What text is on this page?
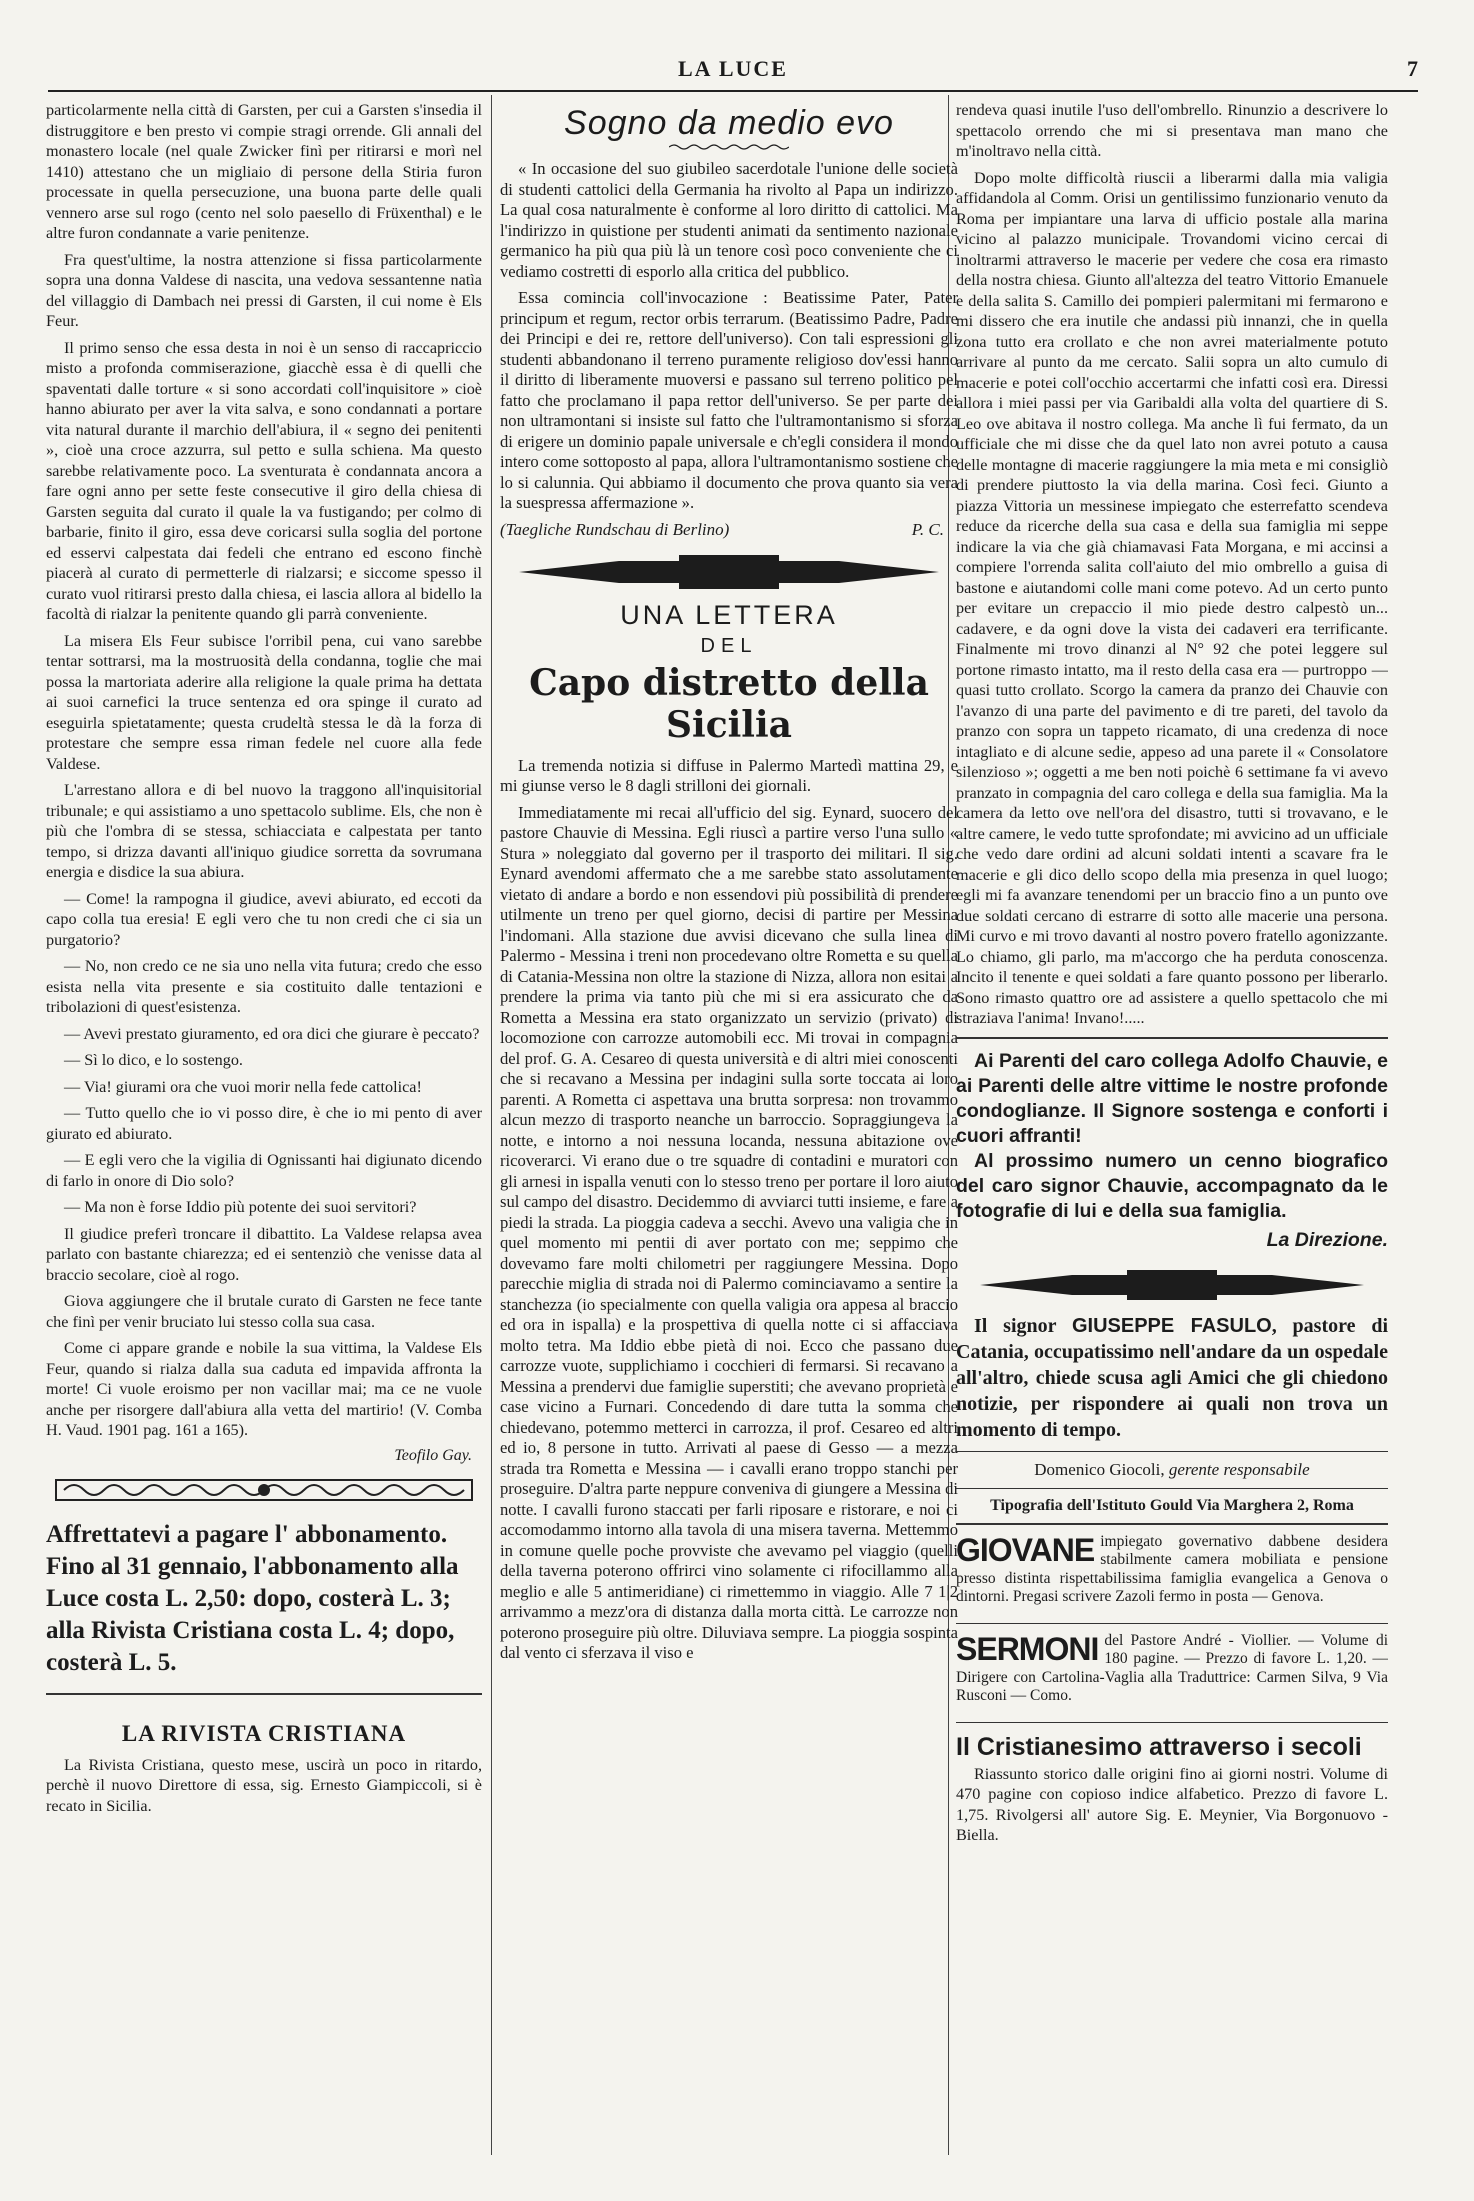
LA LUCE	7

particolarmente nella città di Garsten, per cui a Garsten s'insedia il distruggitore e ben presto vi compie stragi orrende. Gli annali del monastero locale (nel quale Zwicker finì per ritirarsi e morì nel 1410) attestano che un migliaio di persone della Stiria furon processate in quella persecuzione, una buona parte delle quali vennero arse sul rogo (cento nel solo paesello di Früxenthal) e le altre furon condannate a varie penitenze.

Fra quest'ultime, la nostra attenzione si fissa particolarmente sopra una donna Valdese di nascita, una vedova sessantenne natìa del villaggio di Dambach nei pressi di Garsten, il cui nome è Els Feur.

Il primo senso che essa desta in noi è un senso di raccapriccio misto a profonda commiserazione, giacchè essa è di quelli che spaventati dalle torture « si sono accordati coll'inquisitore » cioè hanno abiurato per aver la vita salva, e sono condannati a portare vita natural durante il marchio dell'abiura, il « segno dei penitenti », cioè una croce azzurra, sul petto e sulla schiena. Ma questo sarebbe relativamente poco. La sventurata è condannata ancora a fare ogni anno per sette feste consecutive il giro della chiesa di Garsten seguita dal curato il quale la va fustigando; per colmo di barbarie, finito il giro, essa deve coricarsi sulla soglia del portone ed esservi calpestata dai fedeli che entrano ed escono finchè piacerà al curato di permetterle di rialzarsi; e siccome spesso il curato vuol ritirarsi presto dalla chiesa, ei lascia allora al bidello la facoltà di rialzar la penitente quando gli parrà conveniente.

La misera Els Feur subisce l'orribil pena, cui vano sarebbe tentar sottrarsi, ma la mostruosità della condanna, toglie che mai possa la martoriata aderire alla religione la quale prima ha dettata ai suoi carnefici la truce sentenza ed ora spinge il curato ad eseguirla spietatamente; questa crudeltà stessa le dà la forza di protestare che sempre essa riman fedele nel cuore alla fede Valdese.

L'arrestano allora e di bel nuovo la traggono all'inquisitorial tribunale; e qui assistiamo a uno spettacolo sublime. Els, che non è più che l'ombra di se stessa, schiacciata e calpestata per tanto tempo, si drizza davanti all'iniquo giudice sorretta da sovrumana energia e disdice la sua abiura.

— Come! la rampogna il giudice, avevi abiurato, ed eccoti da capo colla tua eresia! E egli vero che tu non credi che ci sia un purgatorio?

— No, non credo ce ne sia uno nella vita futura; credo che esso esista nella vita presente e sia costituito dalle tentazioni e tribolazioni di quest'esistenza.

— Avevi prestato giuramento, ed ora dici che giurare è peccato?

— Sì lo dico, e lo sostengo.

— Via! giurami ora che vuoi morir nella fede cattolica!

— Tutto quello che io vi posso dire, è che io mi pento di aver giurato ed abiurato.

— E egli vero che la vigilia di Ognissanti hai digiunato dicendo di farlo in onore di Dio solo?

— Ma non è forse Iddio più potente dei suoi servitori?

Il giudice preferì troncare il dibattito. La Valdese relapsa avea parlato con bastante chiarezza; ed ei sentenziò che venisse data al braccio secolare, cioè al rogo.

Giova aggiungere che il brutale curato di Garsten ne fece tante che finì per venir bruciato lui stesso colla sua casa.

Come ci appare grande e nobile la sua vittima, la Valdese Els Feur, quando si rialza dalla sua caduta ed impavida affronta la morte! Ci vuole eroismo per non vacillar mai; ma ce ne vuole anche per risorgere dall'abiura alla vetta del martirio! (V. Comba H. Vaud. 1901 pag. 161 a 165).

Teofilo Gay.
Affrettatevi a pagare l' abbonamento. Fino al 31 gennaio, l'abbonamento alla Luce costa L. 2,50: dopo, costerà L. 3; alla Rivista Cristiana costa L. 4; dopo, costerà L. 5.
LA RIVISTA CRISTIANA

La Rivista Cristiana, questo mese, uscirà un poco in ritardo, perchè il nuovo Direttore di essa, sig. Ernesto Giampiccoli, si è recato in Sicilia.

Sogno da medio evo

« In occasione del suo giubileo sacerdotale l'unione delle società di studenti cattolici della Germania ha rivolto al Papa un indirizzo. La qual cosa naturalmente è conforme al loro diritto di cattolici. Ma l'indirizzo in quistione per studenti animati da sentimento nazionale germanico ha più qua più là un tenore così poco conveniente che ci vediamo costretti di esporlo alla critica del pubblico.

Essa comincia coll'invocazione : Beatissime Pater, Pater principum et regum, rector orbis terrarum. (Beatissimo Padre, Padre dei Principi e dei re, rettore dell'universo). Con tali espressioni gli studenti abbandonano il terreno puramente religioso dov'essi hanno il diritto di liberamente muoversi e passano sul terreno politico pel fatto che proclamano il papa rettor dell'universo. Se per parte dei non ultramontani si insiste sul fatto che l'ultramontanismo si sforza di erigere un dominio papale universale e ch'egli considera il mondo intero come sottoposto al papa, allora l'ultramontanismo sostiene che lo si calunnia. Qui abbiamo il documento che prova quanto sia vera la suespressa affermazione ».

(Taegliche Rundschau di Berlino)	P. C.
UNA LETTERA
DEL
Capo distretto della Sicilia

La tremenda notizia si diffuse in Palermo Martedì mattina 29, e mi giunse verso le 8 dagli strilloni dei giornali.

Immediatamente mi recai all'ufficio del sig. Eynard, suocero del pastore Chauvie di Messina. Egli riuscì a partire verso l'una sullo « Stura » noleggiato dal governo per il trasporto dei militari. Il sig. Eynard avendomi affermato che a me sarebbe stato assolutamente vietato di andare a bordo e non essendovi più possibilità di prendere utilmente un treno per quel giorno, decisi di partire per Messina l'indomani. Alla stazione due avvisi dicevano che sulla linea di Palermo - Messina i treni non procedevano oltre Rometta e su quella di Catania-Messina non oltre la stazione di Nizza, allora non esitai a prendere la prima via tanto più che mi si era assicurato che da Rometta a Messina era stato organizzato un servizio (privato) di locomozione con carrozze automobili ecc. Mi trovai in compagnia del prof. G. A. Cesareo di questa università e di altri miei conoscenti che si recavano a Messina per indagini sulla sorte toccata ai loro parenti. A Rometta ci aspettava una brutta sorpresa: non trovammo alcun mezzo di trasporto neanche un barroccio. Sopraggiungeva la notte, e intorno a noi nessuna locanda, nessuna abitazione ove ricoverarci. Vi erano due o tre squadre di contadini e muratori con gli arnesi in ispalla venuti con lo stesso treno per portare il loro aiuto sul campo del disastro. Decidemmo di avviarci tutti insieme, e fare a piedi la strada. La pioggia cadeva a secchi. Avevo una valigia che in quel momento mi pentii di aver portato con me; seppimo che dovevamo fare molti chilometri per raggiungere Messina. Dopo parecchie miglia di strada noi di Palermo cominciavamo a sentire la stanchezza (io specialmente con quella valigia ora appesa al braccio ed ora in ispalla) e la prospettiva di quella notte ci si affacciava molto tetra. Ma Iddio ebbe pietà di noi. Ecco che passano due carrozze vuote, supplichiamo i cocchieri di fermarsi. Si recavano a Messina a prendervi due famiglie superstiti; che avevano proprietà e case vicino a Furnari. Concedendo di dare tutta la somma che chiedevano, potemmo metterci in carrozza, il prof. Cesareo ed altri ed io, 8 persone in tutto. Arrivati al paese di Gesso — a mezza strada tra Rometta e Messina — i cavalli erano troppo stanchi per proseguire. D'altra parte neppure conveniva di giungere a Messina di notte. I cavalli furono staccati per farli riposare e ristorare, e noi ci accomodammo intorno alla tavola di una misera taverna. Mettemmo in comune quelle poche provviste che avevamo pel viaggio (quelli della taverna poterono offrirci vino solamente ci rifocillammo alla meglio e alle 5 antimeridiane) ci rimettemmo in viaggio. Alle 7 1|2 arrivammo a mezz'ora di distanza dalla morta città. Le carrozze non poterono proseguire più oltre. Diluviava sempre. La pioggia sospinta dal vento ci sferzava il viso e

rendeva quasi inutile l'uso dell'ombrello. Rinunzio a descrivere lo spettacolo orrendo che mi si presentava man mano che m'inoltravo nella città.

Dopo molte difficoltà riuscii a liberarmi dalla mia valigia affidandola al Comm. Orisi un gentilissimo funzionario venuto da Roma per impiantare una larva di ufficio postale alla marina vicino al palazzo municipale. Trovandomi vicino cercai di inoltrarmi attraverso le macerie per vedere che cosa era rimasto della nostra chiesa. Giunto all'altezza del teatro Vittorio Emanuele e della salita S. Camillo dei pompieri palermitani mi fermarono e mi dissero che era inutile che andassi più innanzi, che in quella zona tutto era crollato e che non avrei materialmente potuto arrivare al punto da me cercato. Salii sopra un alto cumulo di macerie e potei coll'occhio accertarmi che infatti così era. Diressi allora i miei passi per via Garibaldi alla volta del quartiere di S. Leo ove abitava il nostro collega. Ma anche lì fui fermato, da un ufficiale che mi disse che da quel lato non avrei potuto a causa delle montagne di macerie raggiungere la mia meta e mi consigliò di prendere piuttosto la via della marina. Così feci. Giunto a piazza Vittoria un messinese impiegato che esterrefatto scendeva reduce da ricerche della sua casa e della sua famiglia mi seppe indicare la via che già chiamavasi Fata Morgana, e mi accinsi a compiere l'orrenda salita coll'aiuto del mio ombrello a guisa di bastone e aiutandomi colle mani come potevo. Ad un certo punto per evitare un crepaccio il mio piede destro calpestò un... cadavere, e da ogni dove la vista dei cadaveri era terrificante. Finalmente mi trovo dinanzi al N° 92 che potei leggere sul portone rimasto intatto, ma il resto della casa era — purtroppo — quasi tutto crollato. Scorgo la camera da pranzo dei Chauvie con l'avanzo di una parte del pavimento e di tre pareti, del tavolo da pranzo con sopra un tappeto ricamato, di una credenza di noce intagliato e di alcune sedie, appeso ad una parete il « Consolatore silenzioso »; oggetti a me ben noti poichè 6 settimane fa vi avevo pranzato in compagnia del caro collega e della sua famiglia. Ma la camera da letto ove nell'ora del disastro, tutti si trovavano, e le altre camere, le vedo tutte sprofondate; mi avvicino ad un ufficiale che vedo dare ordini ad alcuni soldati intenti a scavare fra le macerie e gli dico dello scopo della mia presenza in quel luogo; egli mi fa avanzare tenendomi per un braccio fino a un punto ove due soldati cercano di estrarre di sotto alle macerie una persona. Mi curvo e mi trovo davanti al nostro povero fratello agonizzante. Lo chiamo, gli parlo, ma m'accorgo che ha perduta conoscenza. Incito il tenente e quei soldati a fare quanto possono per liberarlo. Sono rimasto quattro ore ad assistere a quello spettacolo che mi straziava l'anima! Invano!.....

Ai Parenti del caro collega Adolfo Chauvie, e ai Parenti delle altre vittime le nostre profonde condoglianze. Il Signore sostenga e conforti i cuori affranti!

Al prossimo numero un cenno biografico del caro signor Chauvie, accompagnato da le fotografie di lui e della sua famiglia.

La Direzione.
Il signor GIUSEPPE FASULO, pastore di Catania, occupatissimo nell'andare da un ospedale all'altro, chiede scusa agli Amici che gli chiedono notizie, per rispondere ai quali non trova un momento di tempo.
Domenico Giocoli, gerente responsabile
Tipografia dell'Istituto Gould Via Marghera 2, Roma
GIOVANE impiegato governativo dabbene desidera stabilmente camera mobiliata e pensione presso distinta rispettabilissima famiglia evangelica a Genova o dintorni. Pregasi scrivere Zazoli fermo in posta — Genova.
SERMONI del Pastore André - Viollier. — Volume di 180 pagine. — Prezzo di favore L. 1,20. — Dirigere con Cartolina-Vaglia alla Traduttrice: Carmen Silva, 9 Via Rusconi — Como.
Il Cristianesimo attraverso i secoli

Riassunto storico dalle origini fino ai giorni nostri. Volume di 470 pagine con copioso indice alfabetico. Prezzo di favore L. 1,75. Rivolgersi all' autore Sig. E. Meynier, Via Borgonuovo - Biella.
